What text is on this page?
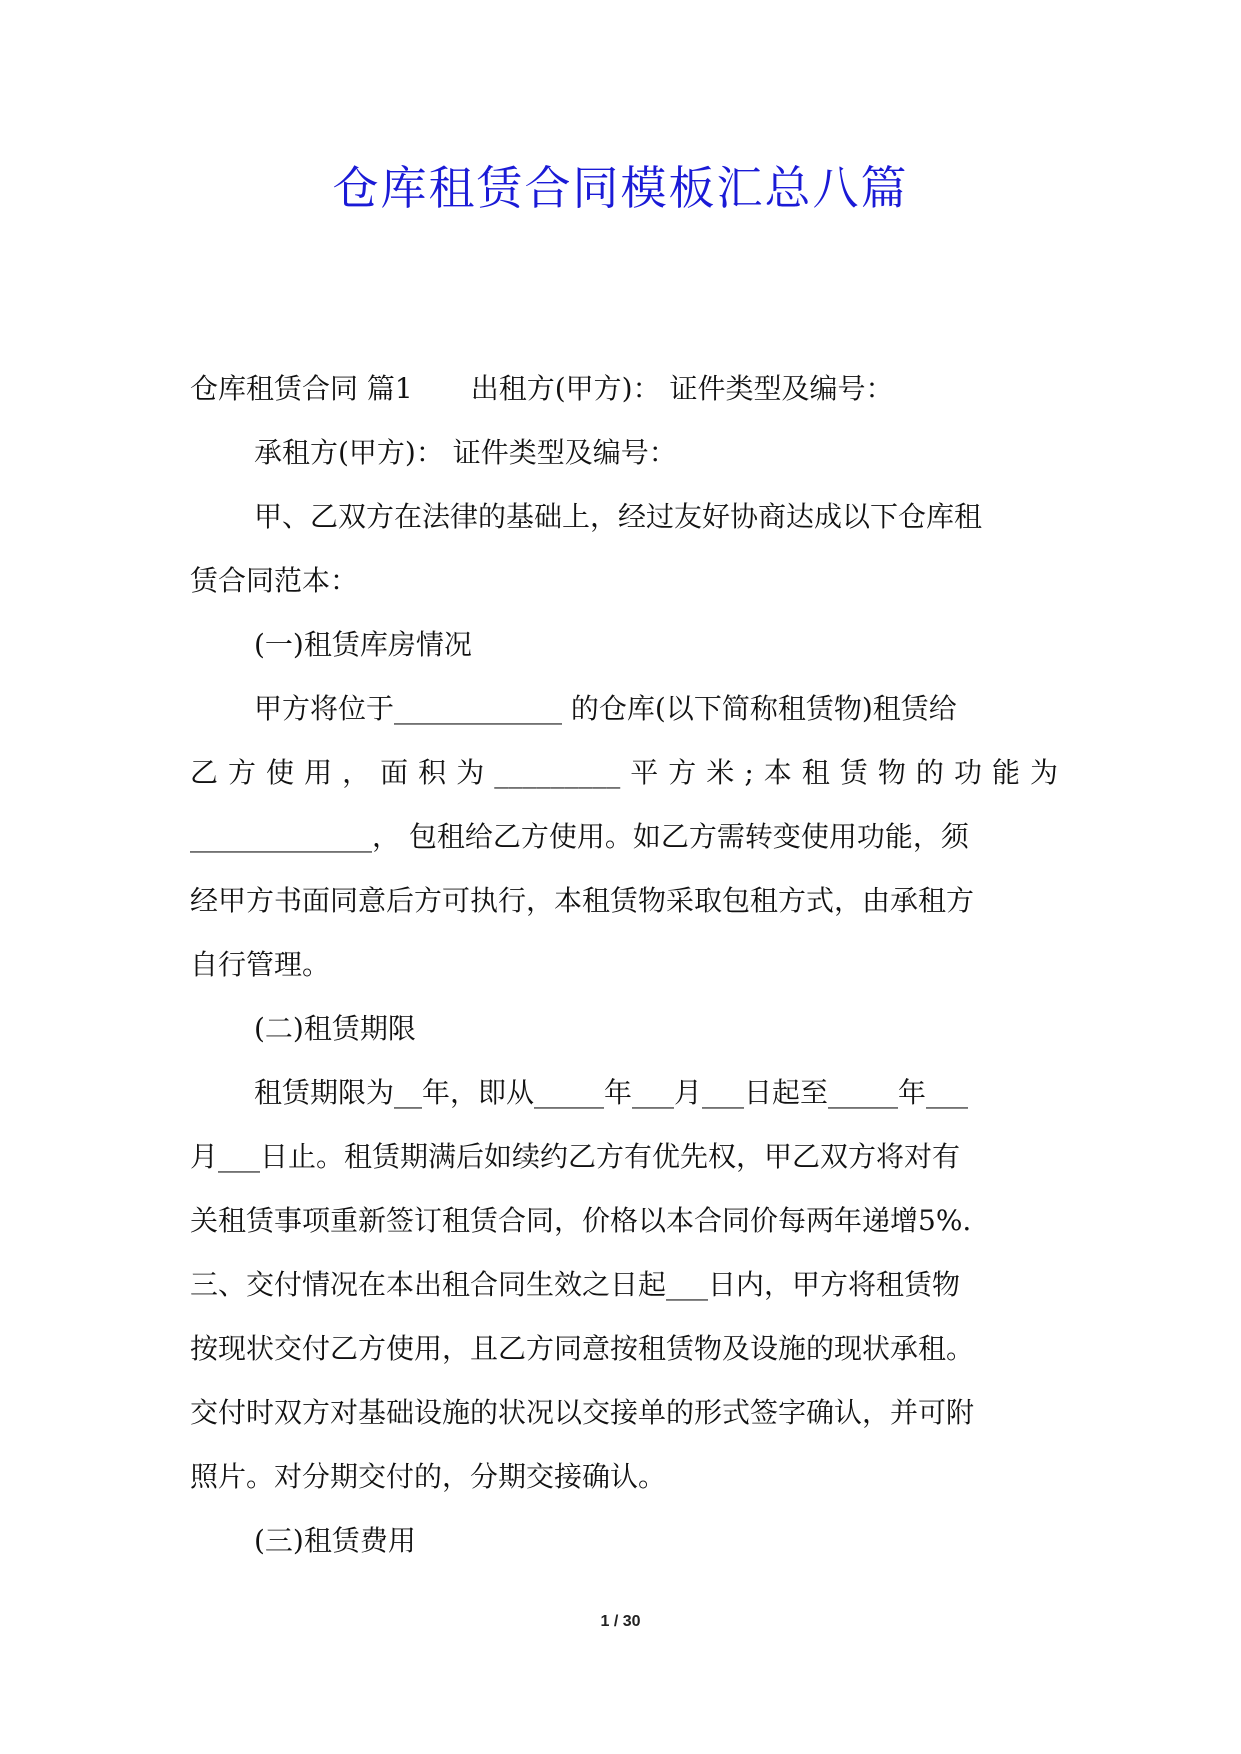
仓库租赁合同模板汇总八篇

仓库租赁合同 篇1 出租方(甲方)： 证件类型及编号：

承租方(甲方)： 证件类型及编号：

甲、乙双方在法律的基础上，经过友好协商达成以下仓库租

赁合同范本：

(一)租赁库房情况

甲方将位于____________ 的仓库(以下简称租赁物)租赁给

乙方使用，面积为_________平方米;本租赁物的功能为

_____________， 包租给乙方使用。如乙方需转变使用功能，须

经甲方书面同意后方可执行，本租赁物采取包租方式，由承租方

自行管理。

(二)租赁期限

租赁期限为__年，即从_____年___月___日起至_____年___

月___日止。租赁期满后如续约乙方有优先权，甲乙双方将对有

关租赁事项重新签订租赁合同，价格以本合同价每两年递增5%.

三、交付情况在本出租合同生效之日起___日内，甲方将租赁物

按现状交付乙方使用，且乙方同意按租赁物及设施的现状承租。

交付时双方对基础设施的状况以交接单的形式签字确认，并可附

照片。对分期交付的，分期交接确认。

(三)租赁费用

1 / 30
